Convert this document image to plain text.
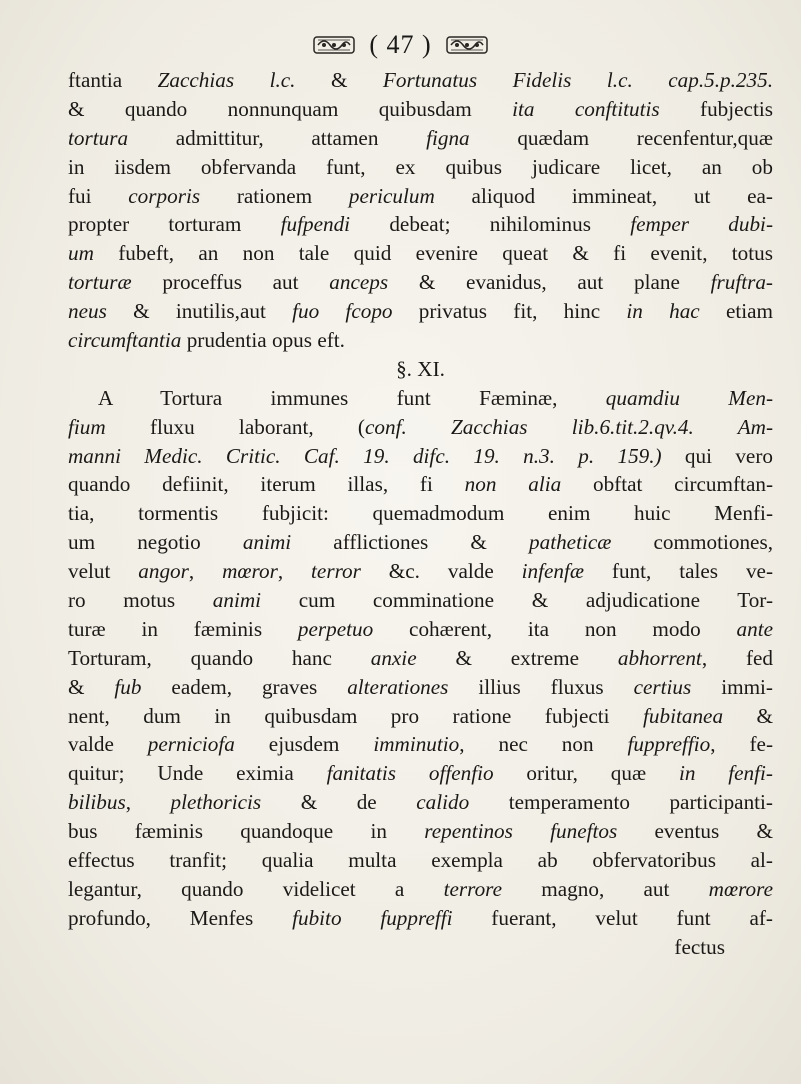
( 47 )
ftantia Zacchias l.c. & Fortunatus Fidelis l.c. cap.5.p.235.
& quando nonnunquam quibusdam ita conftitutis fubjectis
tortura admittitur, attamen figna quædam recenfentur,quæ
in iisdem obfervanda funt, ex quibus judicare licet, an ob
fui corporis rationem periculum aliquod immineat, ut ea-
propter torturam fufpendi debeat; nihilominus femper dubi-
um fubeft, an non tale quid evenire queat & fi evenit, totus
torturæ proceffus aut anceps & evanidus, aut plane fruftra-
neus & inutilis,aut fuo fcopo privatus fit, hinc in hac etiam
circumftantia prudentia opus eft.
§. XI.
A Tortura immunes funt Fæminæ, quamdiu Men-
fium fluxu laborant, (conf. Zacchias lib.6.tit.2.qv.4. Am-
manni Medic. Critic. Caf. 19. difc. 19. n.3. p. 159.) qui vero
quando defiinit, iterum illas, fi non alia obftat circumftan-
tia, tormentis fubjicit: quemadmodum enim huic Menfi-
um negotio animi afflictiones & patheticæ commotiones,
velut angor, mœror, terror &c. valde infenfæ funt, tales ve-
ro motus animi cum comminatione & adjudicatione Tor-
turæ in fæminis perpetuo cohærent, ita non modo ante
Torturam, quando hanc anxie & extreme abhorrent, fed
& fub eadem, graves alterationes illius fluxus certius immi-
nent, dum in quibusdam pro ratione fubjecti fubitanea &
valde perniciofa ejusdem imminutio, nec non fuppreffio, fe-
quitur; Unde eximia fanitatis offenfio oritur, quæ in fenfi-
bilibus, plethoricis & de calido temperamento participanti-
bus fæminis quandoque in repentinos funeftos eventus &
effectus tranfit; qualia multa exempla ab obfervatoribus al-
legantur, quando videlicet a terrore magno, aut mœrore
profundo, Menfes fubito fuppreffi fuerant, velut funt af-
fectus
